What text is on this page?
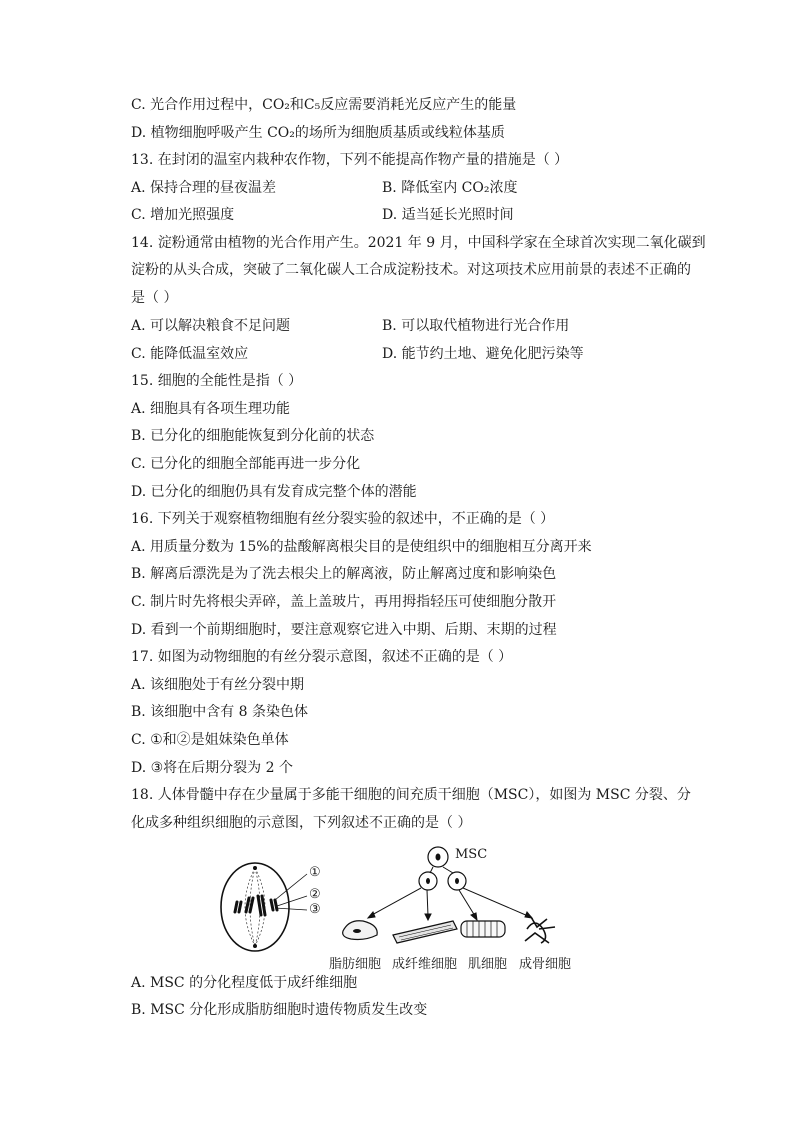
C. 光合作用过程中，CO₂和C₅反应需要消耗光反应产生的能量
D. 植物细胞呼吸产生 CO₂的场所为细胞质基质或线粒体基质
13. 在封闭的温室内栽种农作物，下列不能提高作物产量的措施是（ ）
A. 保持合理的昼夜温差	B. 降低室内 CO₂浓度
C. 增加光照强度	D. 适当延长光照时间
14. 淀粉通常由植物的光合作用产生。2021 年 9 月，中国科学家在全球首次实现二氧化碳到
淀粉的从头合成，突破了二氧化碳人工合成淀粉技术。对这项技术应用前景的表述不正确的
是（ ）
A. 可以解决粮食不足问题	B. 可以取代植物进行光合作用
C. 能降低温室效应	D. 能节约土地、避免化肥污染等
15. 细胞的全能性是指（ ）
A. 细胞具有各项生理功能
B. 已分化的细胞能恢复到分化前的状态
C. 已分化的细胞全部能再进一步分化
D. 已分化的细胞仍具有发育成完整个体的潜能
16. 下列关于观察植物细胞有丝分裂实验的叙述中，不正确的是（ ）
A. 用质量分数为 15%的盐酸解离根尖目的是使组织中的细胞相互分离开来
B. 解离后漂洗是为了洗去根尖上的解离液，防止解离过度和影响染色
C. 制片时先将根尖弄碎，盖上盖玻片，再用拇指轻压可使细胞分散开
D. 看到一个前期细胞时，要注意观察它进入中期、后期、末期的过程
17. 如图为动物细胞的有丝分裂示意图，叙述不正确的是（ ）
A. 该细胞处于有丝分裂中期
B. 该细胞中含有 8 条染色体
C. ①和②是姐妹染色单体
D. ③将在后期分裂为 2 个
18. 人体骨髓中存在少量属于多能干细胞的间充质干细胞（MSC），如图为 MSC 分裂、分
化成多种组织细胞的示意图，下列叙述不正确的是（ ）
①
②
③
MSC
脂肪细胞 成纤维细胞 肌细胞 成骨细胞
A. MSC 的分化程度低于成纤维细胞
B. MSC 分化形成脂肪细胞时遗传物质发生改变
